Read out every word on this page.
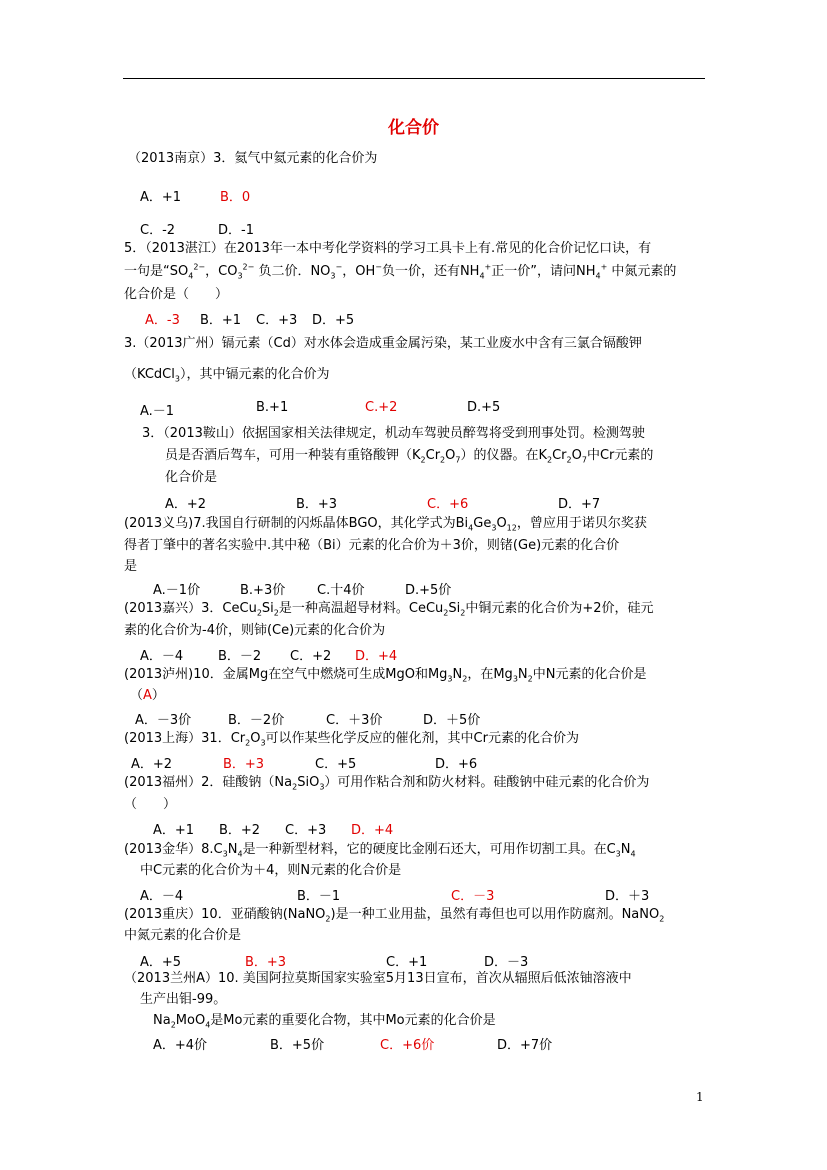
化合价
（2013南京）3．氦气中氦元素的化合价为
A．+1	B．0
C．-2	D．-1
5．（2013湛江）在2013年一本中考化学资料的学习工具卡上有.常见的化合价记忆口诀，有
一句是“$SO_4^{2-}$，$CO_3^{2-}$ 负二价．$NO_3^-$，OH−负一价，还有$NH_4^+$正一价”，请问$NH_4^+$ 中氮元素的
化合价是（　　）
A．-3 B．+1 C．+3 D．+5
3.（2013广州）镉元素（Cd）对水体会造成重金属污染，某工业废水中含有三氯合镉酸钾
（KCdCl$_3$），其中镉元素的化合价为
A.－1	B.+1	C.+2	D.+5
3．（2013鞍山）依据国家相关法律规定，机动车驾驶员醉驾将受到刑事处罚。检测驾驶
员是否酒后驾车，可用一种装有重铬酸钾$(K_2Cr_2O_7)$的仪器。在$K_2Cr_2O_7$中Cr元素的
化合价是
A．+2	B．+3	C．+6	D．+7
(2013义乌)7.我国自行研制的闪烁晶体BGO，其化学式为$Bi_4Ge_3O_{12}$，曾应用于诺贝尔奖获
得者丁肇中的著名实验中.其中秘（Bi）元素的化合价为＋3价，则锗(Ge)元素的化合价
是
A.－1价	B.+3价 C.十4价	D.+5价
(2013嘉兴）3．$CeCu_2Si_2$是一种高温超导材料。$CeCu_2Si_2$中铜元素的化合价为+2价，硅元
素的化合价为-4价，则铈(Ce)元素的化合价为
A．－4	B．－2 C．+2 D．+4
(2013泸州)10．金属Mg在空气中燃烧可生成MgO和$Mg_3N_2$，在$Mg_3N_2$中N元素的化合价是
（A）
A．－3价	B．－2价	C．＋3价	D．＋5价
(2013上海）31．$Cr_2O_3$可以作某些化学反应的催化剂，其中Cr元素的化合价为
A．+2	B．+3	C．+5	D．+6
(2013福州）2．硅酸钠$(Na_2SiO_3)$可用作粘合剂和防火材料。硅酸钠中硅元素的化合价为
（　　）
A．+1 B．+2 C．+3 D．+4
(2013金华）$8.C_3N_4$是一种新型材料，它的硬度比金刚石还大，可用作切割工具。在$C_3N_4$
中C元素的化合价为＋4，则N元素的化合价是
A．－4	B．－1	C．－3	D．＋3
(2013重庆）10．亚硝酸钠(NaNO$_2$)是一种工业用盐，虽然有毒但也可以用作防腐剂。NaNO$_2$
中氮元素的化合价是
A．+5	B．+3	C．+1	D．－3
（2013兰州A）10. 美国阿拉莫斯国家实验室5月13日宣布，首次从辐照后低浓铀溶液中
生产出钼-99。
$Na_2MoO_4$是Mo元素的重要化合物，其中Mo元素的化合价是
A．+4价	B．+5价	C．+6价	D．+7价
1
